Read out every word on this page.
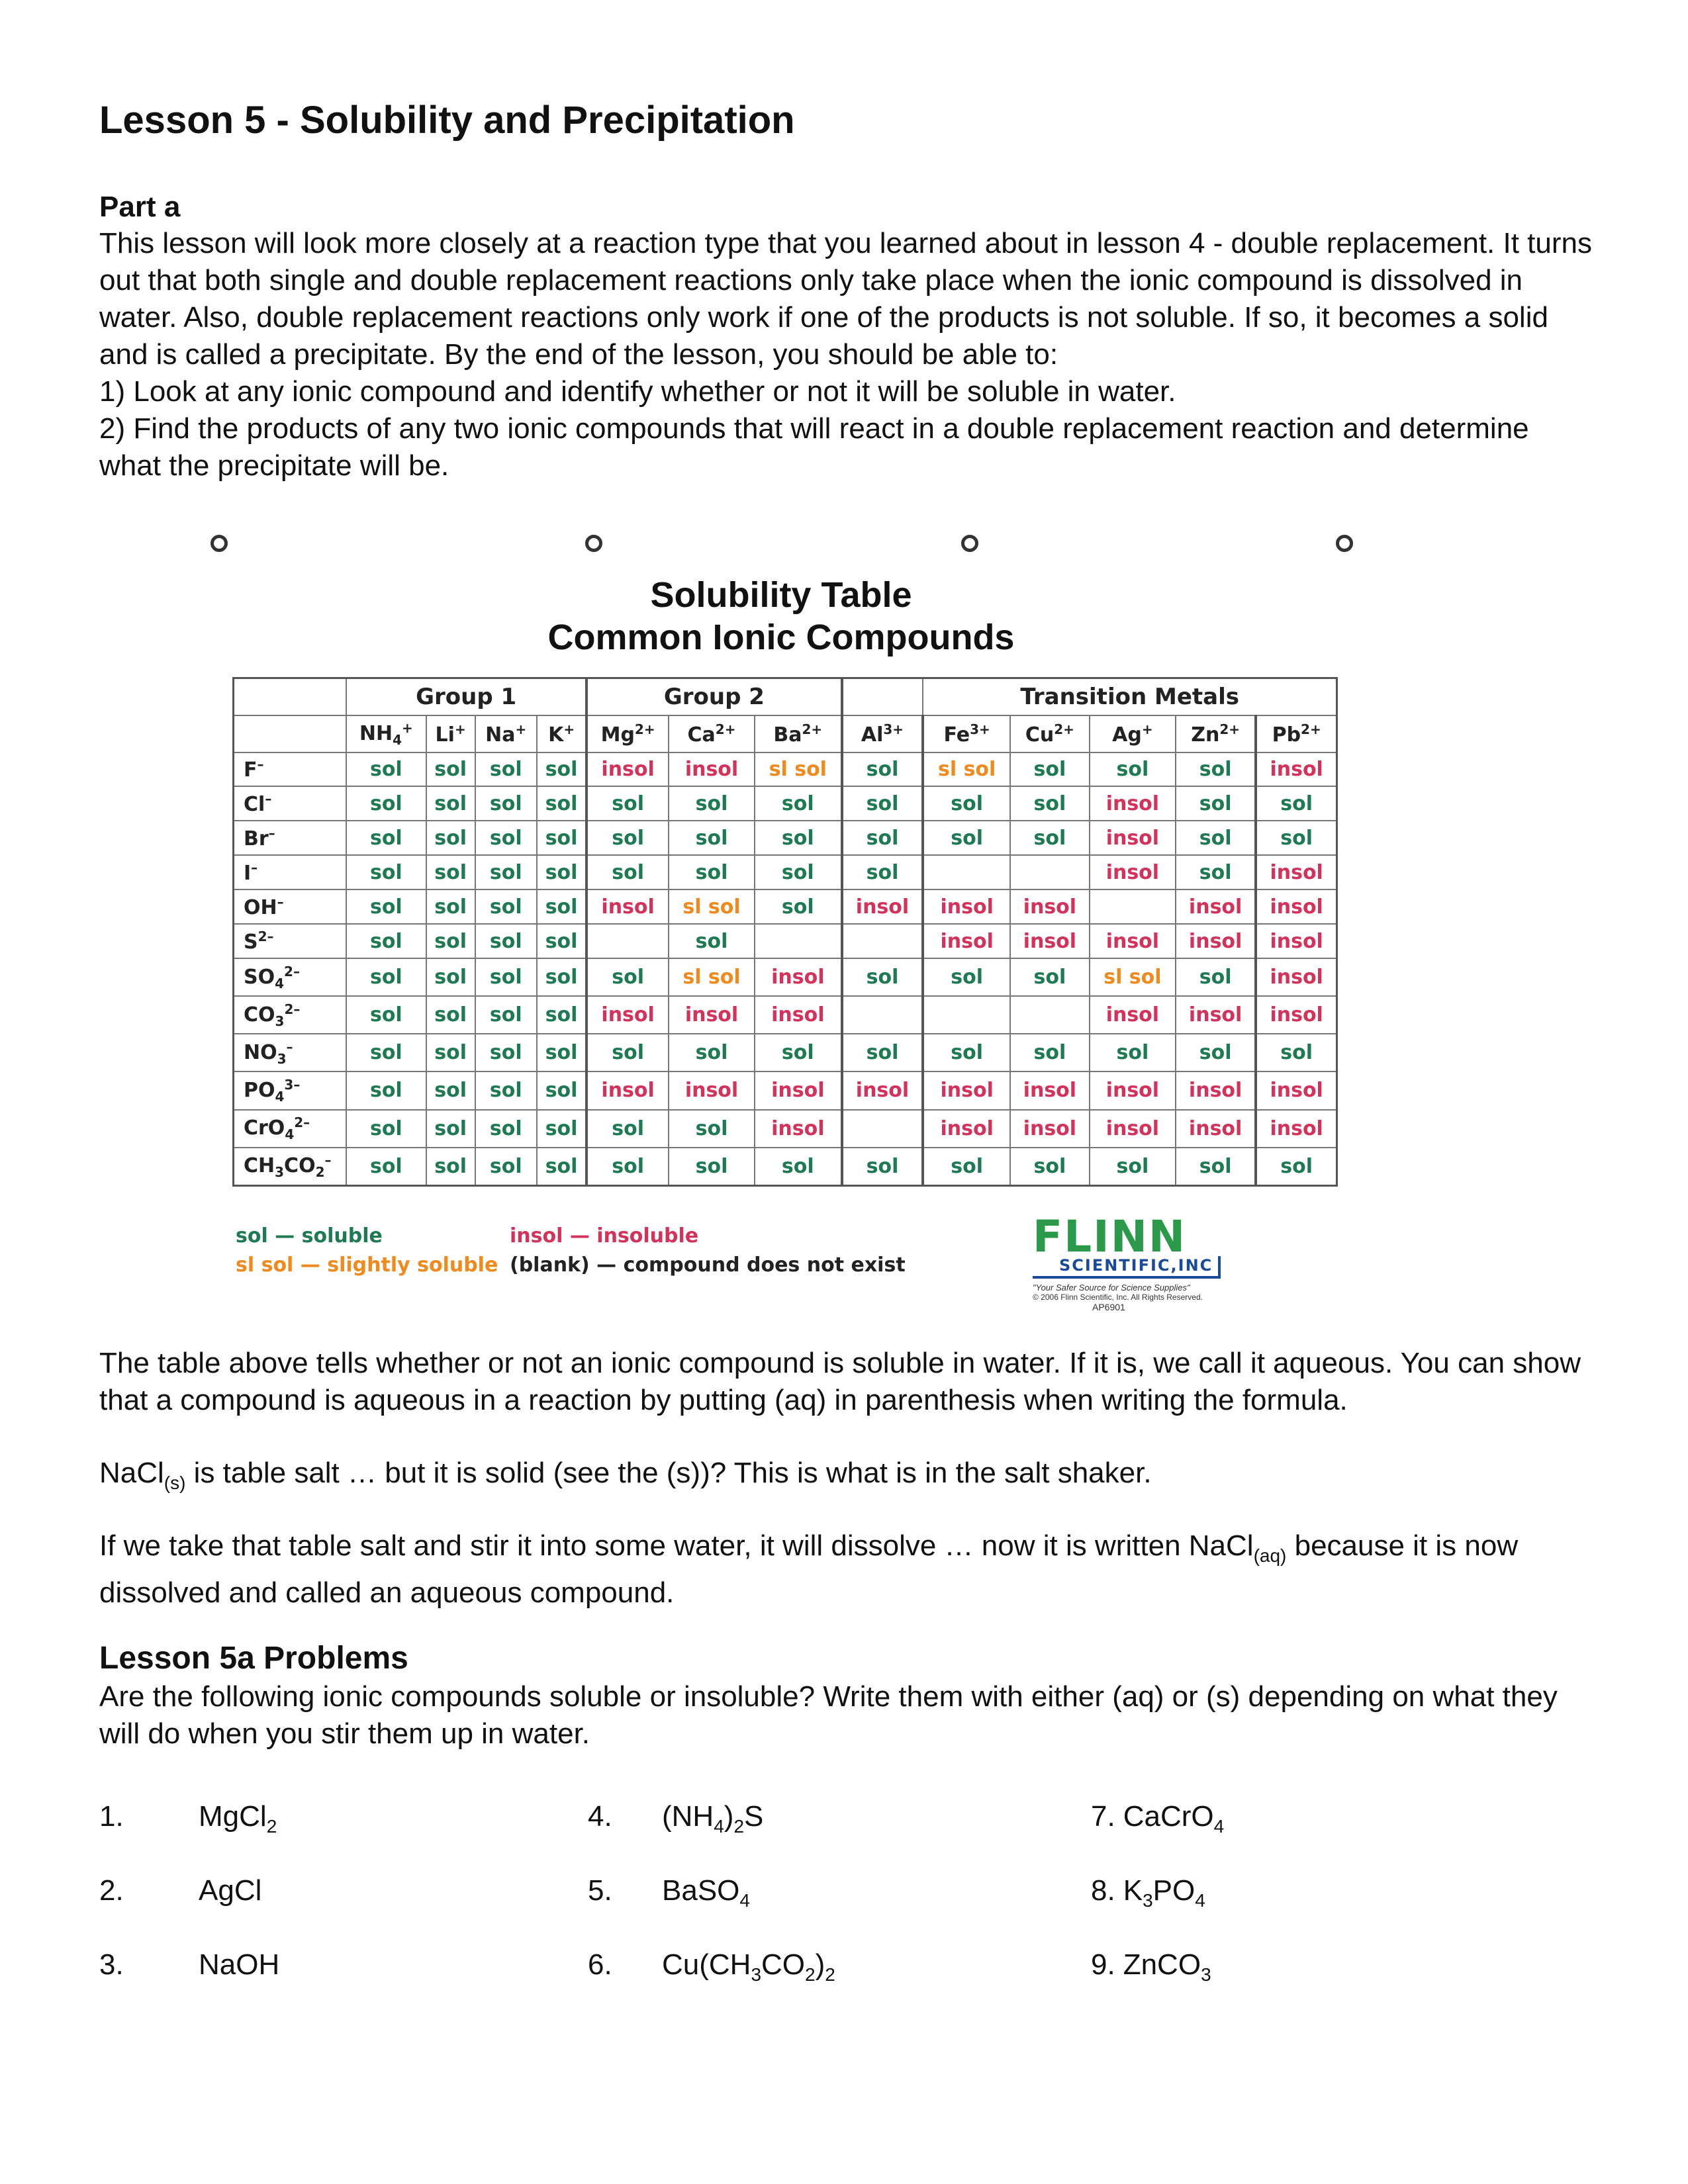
Lesson 5 - Solubility and Precipitation
Part a

This lesson will look more closely at a reaction type that you learned about in lesson 4 - double replacement. It turns out that both single and double replacement reactions only take place when the ionic compound is dissolved in water. Also, double replacement reactions only work if one of the products is not soluble. If so, it becomes a solid and is called a precipitate. By the end of the lesson, you should be able to:

1) Look at any ionic compound and identify whether or not it will be soluble in water.

2) Find the products of any two ionic compounds that will react in a double replacement reaction and determine what the precipitate will be.

Solubility Table
Common Ionic Compounds
	Group 1				Group 2				Transition Metals				
	$NH_4^+$	Li+	Na+	K+	$Mg^{2+}$	$Ca^{2+}$	$Ba^{2+}$	$Al^{3+}$	$Fe^{3+}$	$Cu^{2+}$	Ag+	$Zn^{2+}$	$Pb^{2+}$
F–	sol	sol	sol	sol	insol	insol	sl sol	sol	sl sol	sol	sol	sol	insol
Cl–	sol	sol	sol	sol	sol	sol	sol	sol	sol	sol	insol	sol	sol
Br–	sol	sol	sol	sol	sol	sol	sol	sol	sol	sol	insol	sol	sol
I–	sol	sol	sol	sol	sol	sol	sol	sol			insol	sol	insol
OH–	sol	sol	sol	sol	insol	sl sol	sol	insol	insol	insol		insol	insol
$S^{2-}$	sol	sol	sol	sol		sol			insol	insol	insol	insol	insol
$SO_4^{2-}$	sol	sol	sol	sol	sol	sl sol	insol	sol	sol	sol	sl sol	sol	insol
$CO_3^{2-}$	sol	sol	sol	sol	insol	insol	insol				insol	insol	insol
$NO_3^-$	sol	sol	sol	sol	sol	sol	sol	sol	sol	sol	sol	sol	sol
$PO_4^{3-}$	sol	sol	sol	sol	insol	insol	insol	insol	insol	insol	insol	insol	insol
CrO$_4^{2-}$	sol	sol	sol	sol	sol	sol	insol		insol	insol	insol	insol	insol
$CH_3CO_2^-$	sol	sol	sol	sol	sol	sol	sol	sol	sol	sol	sol	sol	sol
sol — soluble
sl sol — slightly soluble
insol — insoluble
(blank) — compound does not exist
FLINN
SCIENTIFIC,INC
"Your Safer Source for Science Supplies"
© 2006 Flinn Scientific, Inc. All Rights Reserved.
AP6901

The table above tells whether or not an ionic compound is soluble in water. If it is, we call it aqueous. You can show that a compound is aqueous in a reaction by putting (aq) in parenthesis when writing the formula.

NaCl$_{(s)}$ is table salt … but it is solid (see the (s))? This is what is in the salt shaker.

If we take that table salt and stir it into some water, it will dissolve … now it is written NaCl$_{(aq)}$ because it is now dissolved and called an aqueous compound.

Lesson 5a Problems

Are the following ionic compounds soluble or insoluble? Write them with either (aq) or (s) depending on what they will do when you stir them up in water.

1.	MgCl$_2$
2.	AgCl
3.	NaOH
4. $(NH_4)_2S$
5. BaSO$_4$
6. $Cu(CH_3CO_2)_2$
7. CaCrO$_4$
8. $K_3PO_4$
9. ZnCO$_3$
